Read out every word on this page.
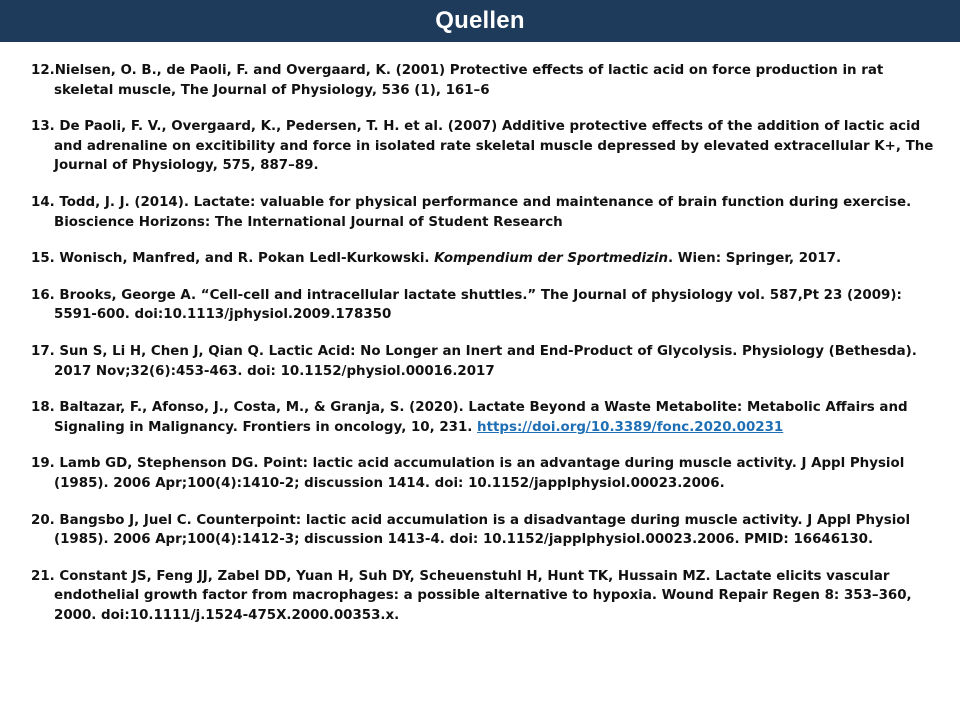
Quellen
12.Nielsen, O. B., de Paoli, F. and Overgaard, K. (2001) Protective effects of lactic acid on force production in rat skeletal muscle, The Journal of Physiology, 536 (1), 161–6
13. De Paoli, F. V., Overgaard, K., Pedersen, T. H. et al. (2007) Additive protective effects of the addition of lactic acid and adrenaline on excitibility and force in isolated rate skeletal muscle depressed by elevated extracellular K+, The Journal of Physiology, 575, 887–89.
14. Todd, J. J. (2014). Lactate: valuable for physical performance and maintenance of brain function during exercise. Bioscience Horizons: The International Journal of Student Research
15. Wonisch, Manfred, and R. Pokan Ledl-Kurkowski. Kompendium der Sportmedizin. Wien: Springer, 2017.
16. Brooks, George A. “Cell-cell and intracellular lactate shuttles.” The Journal of physiology vol. 587,Pt 23 (2009): 5591-600. doi:10.1113/jphysiol.2009.178350
17. Sun S, Li H, Chen J, Qian Q. Lactic Acid: No Longer an Inert and End-Product of Glycolysis. Physiology (Bethesda). 2017 Nov;32(6):453-463. doi: 10.1152/physiol.00016.2017
18. Baltazar, F., Afonso, J., Costa, M., & Granja, S. (2020). Lactate Beyond a Waste Metabolite: Metabolic Affairs and Signaling in Malignancy. Frontiers in oncology, 10, 231. https://doi.org/10.3389/fonc.2020.00231
19. Lamb GD, Stephenson DG. Point: lactic acid accumulation is an advantage during muscle activity. J Appl Physiol (1985). 2006 Apr;100(4):1410-2; discussion 1414. doi: 10.1152/japplphysiol.00023.2006.
20. Bangsbo J, Juel C. Counterpoint: lactic acid accumulation is a disadvantage during muscle activity. J Appl Physiol (1985). 2006 Apr;100(4):1412-3; discussion 1413-4. doi: 10.1152/japplphysiol.00023.2006. PMID: 16646130.
21. Constant JS, Feng JJ, Zabel DD, Yuan H, Suh DY, Scheuenstuhl H, Hunt TK, Hussain MZ. Lactate elicits vascular endothelial growth factor from macrophages: a possible alternative to hypoxia. Wound Repair Regen 8: 353–360, 2000. doi:10.1111/j.1524-475X.2000.00353.x.
